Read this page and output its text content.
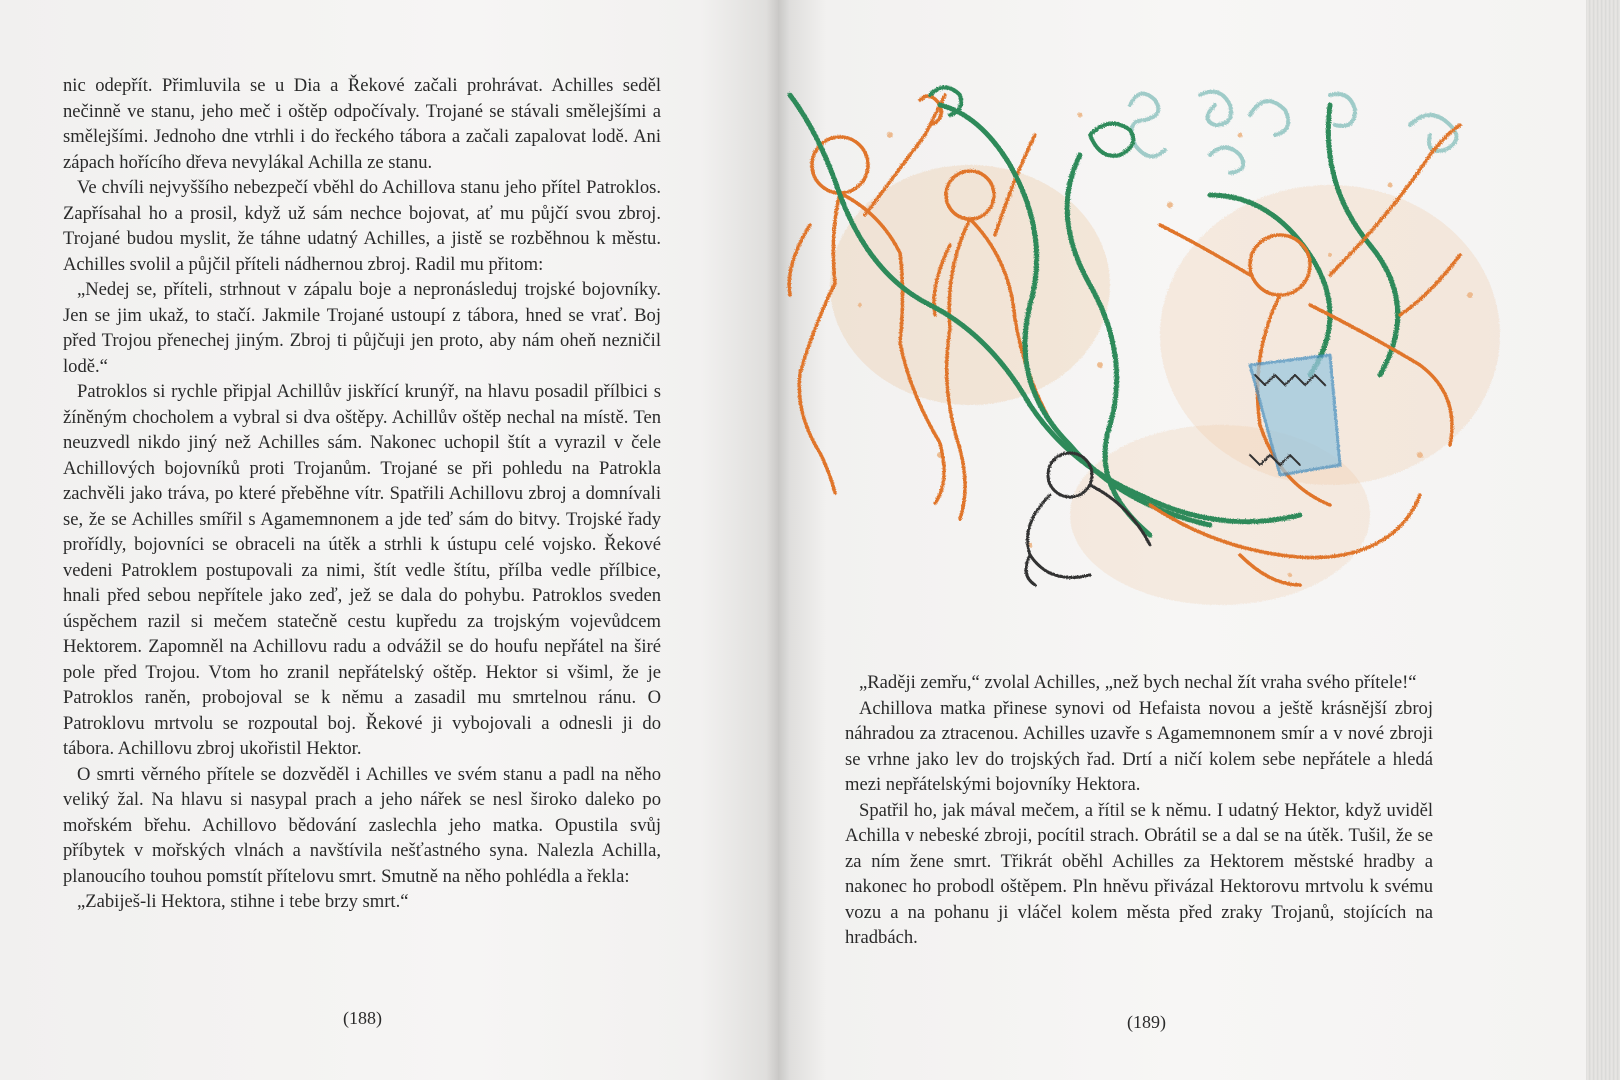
nic odepřít. Přimluvila se u Dia a Řekové začali prohrávat. Achilles seděl nečinně ve stanu, jeho meč i oštěp odpočívaly. Trojané se stávali smělejšími a smělejšími. Jednoho dne vtrhli i do řeckého tábora a začali zapalovat lodě. Ani zápach hořícího dřeva nevylákal Achilla ze stanu.

Ve chvíli nejvyššího nebezpečí vběhl do Achillova stanu jeho přítel Patroklos. Zapřísahal ho a prosil, když už sám nechce bojovat, ať mu půjčí svou zbroj. Trojané budou myslit, že táhne udatný Achilles, a jistě se rozběhnou k městu. Achilles svolil a půjčil příteli nádhernou zbroj. Radil mu přitom:

„Nedej se, příteli, strhnout v zápalu boje a nepronásleduj trojské bojovníky. Jen se jim ukaž, to stačí. Jakmile Trojané ustoupí z tábora, hned se vrať. Boj před Trojou přenechej jiným. Zbroj ti půjčuji jen proto, aby nám oheň nezničil lodě.“

Patroklos si rychle připjal Achillův jiskřící krunýř, na hlavu posadil přílbici s žíněným chocholem a vybral si dva oštěpy. Achillův oštěp nechal na místě. Ten neuzvedl nikdo jiný než Achilles sám. Nakonec uchopil štít a vyrazil v čele Achillových bojovníků proti Trojanům. Trojané se při pohledu na Patrokla zachvěli jako tráva, po které přeběhne vítr. Spatřili Achillovu zbroj a domnívali se, že se Achilles smířil s Agamemnonem a jde teď sám do bitvy. Trojské řady prořídly, bojovníci se obraceli na útěk a strhli k ústupu celé vojsko. Řekové vedeni Patroklem postupovali za nimi, štít vedle štítu, přílba vedle přílbice, hnali před sebou nepřítele jako zeď, jež se dala do pohybu. Patroklos sveden úspěchem razil si mečem statečně cestu kupředu za trojským vojevůdcem Hektorem. Zapomněl na Achillovu radu a odvážil se do houfu nepřátel na širé pole před Trojou. Vtom ho zranil nepřátelský oštěp. Hektor si všiml, že je Patroklos raněn, probojoval se k němu a zasadil mu smrtelnou ránu. O Patroklovu mrtvolu se rozpoutal boj. Řekové ji vybojovali a odnesli ji do tábora. Achillovu zbroj ukořistil Hektor.

O smrti věrného přítele se dozvěděl i Achilles ve svém stanu a padl na něho veliký žal. Na hlavu si nasypal prach a jeho nářek se nesl široko daleko po mořském břehu. Achillovo bědování zaslechla jeho matka. Opustila svůj příbytek v mořských vlnách a navštívila nešťastného syna. Nalezla Achilla, planoucího touhou pomstít přítelovu smrt. Smutně na něho pohlédla a řekla:

„Zabiješ-li Hektora, stihne i tebe brzy smrt.“

(188)

„Raději zemřu,“ zvolal Achilles, „než bych nechal žít vraha svého přítele!“

Achillova matka přinese synovi od Hefaista novou a ještě krásnější zbroj náhradou za ztracenou. Achilles uzavře s Agamemnonem smír a v nové zbroji se vrhne jako lev do trojských řad. Drtí a ničí kolem sebe nepřátele a hledá mezi nepřátelskými bojovníky Hektora.

Spatřil ho, jak mával mečem, a řítil se k němu. I udatný Hektor, když uviděl Achilla v nebeské zbroji, pocítil strach. Obrátil se a dal se na útěk. Tušil, že se za ním žene smrt. Třikrát oběhl Achilles za Hektorem městské hradby a nakonec ho probodl oštěpem. Pln hněvu přivázal Hektorovu mrtvolu k svému vozu a na pohanu ji vláčel kolem města před zraky Trojanů, stojících na hradbách.

(189)
